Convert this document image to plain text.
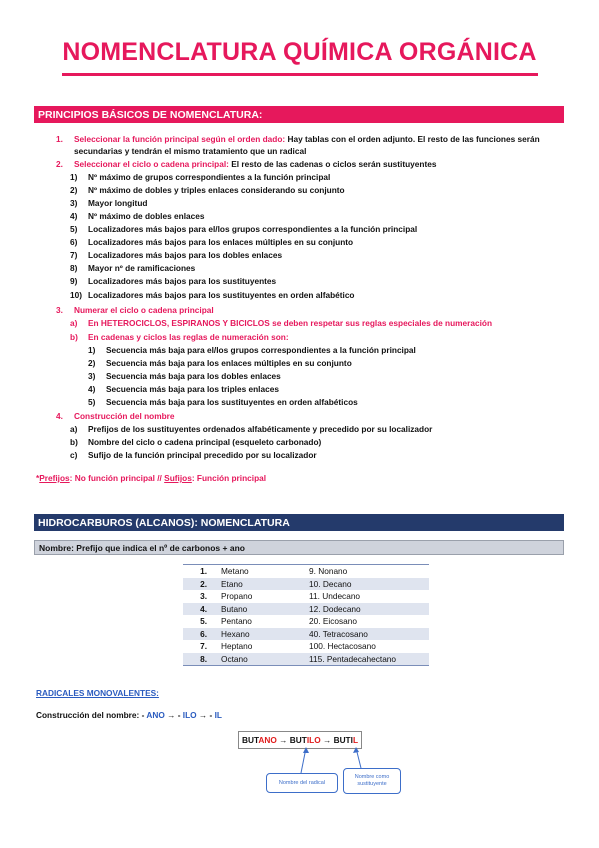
NOMENCLATURA QUÍMICA ORGÁNICA
PRINCIPIOS BÁSICOS DE NOMENCLATURA:
1. Seleccionar la función principal según el orden dado: Hay tablas con el orden adjunto. El resto de las funciones serán
secundarias y tendrán el mismo tratamiento que un radical
2. Seleccionar el ciclo o cadena principal: El resto de las cadenas o ciclos serán sustituyentes
1) Nº máximo de grupos correspondientes a la función principal
2) Nº máximo de dobles y triples enlaces considerando su conjunto
3) Mayor longitud
4) Nº máximo de dobles enlaces
5) Localizadores más bajos para el/los grupos correspondientes a la función principal
6) Localizadores más bajos para los enlaces múltiples en su conjunto
7) Localizadores más bajos para los dobles enlaces
8) Mayor nº de ramificaciones
9) Localizadores más bajos para los sustituyentes
10) Localizadores más bajos para los sustituyentes en orden alfabético
3. Numerar el ciclo o cadena principal
a) En HETEROCICLOS, ESPIRANOS Y BICICLOS se deben respetar sus reglas especiales de numeración
b) En cadenas y ciclos las reglas de numeración son:
1) Secuencia más baja para el/los grupos correspondientes a la función principal
2) Secuencia más baja para los enlaces múltiples en su conjunto
3) Secuencia más baja para los dobles enlaces
4) Secuencia más baja para los triples enlaces
5) Secuencia más baja para los sustituyentes en orden alfabéticos
4. Construcción del nombre
a) Prefijos de los sustituyentes ordenados alfabéticamente y precedido por su localizador
b) Nombre del ciclo o cadena principal (esqueleto carbonado)
c) Sufijo de la función principal precedido por su localizador
*Prefijos: No función principal // Sufijos: Función principal
HIDROCARBUROS (ALCANOS): NOMENCLATURA
Nombre: Prefijo que indica el nº de carbonos + ano
1.	Metano	9. Nonano
2.	Etano	10. Decano
3.	Propano	11. Undecano
4.	Butano	12. Dodecano
5.	Pentano	20. Eicosano
6.	Hexano	40. Tetracosano
7.	Heptano	100. Hectacosano
8.	Octano	115. Pentadecahectano
RADICALES MONOVALENTES:
Construcción del nombre: - ANO → - ILO → - IL
BUTANO → BUTILO → BUTIL
Nombre del radical
Nombre como sustituyente
